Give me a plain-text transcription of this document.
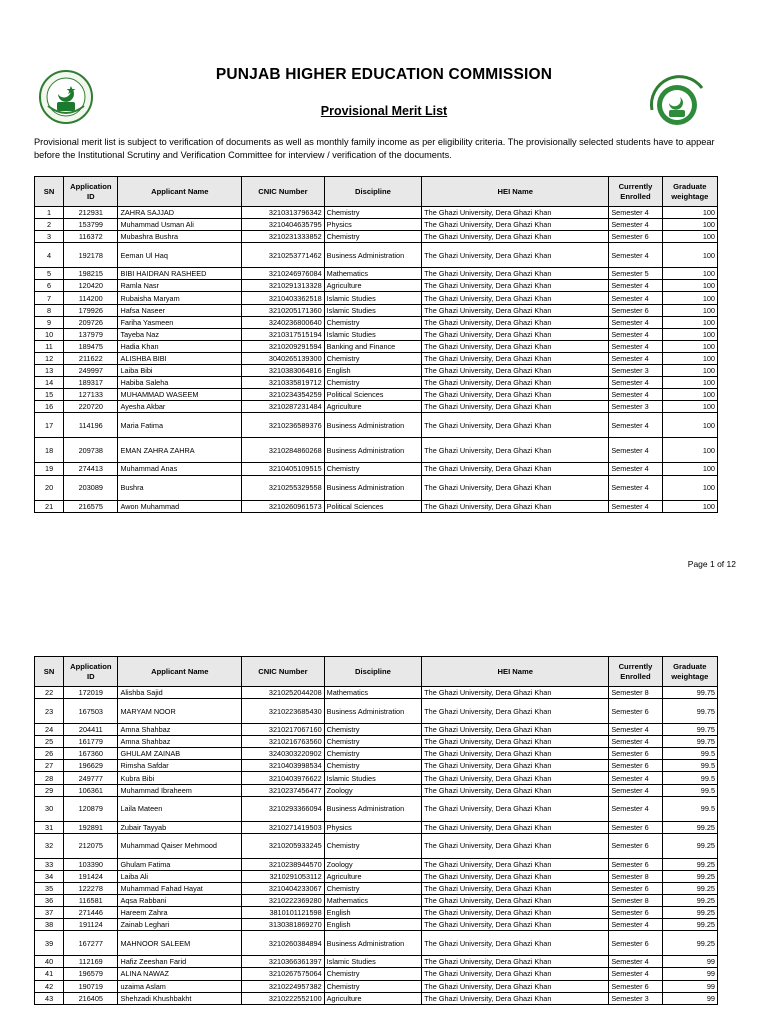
PUNJAB HIGHER EDUCATION COMMISSION
Provisional Merit List
Provisional merit list is subject to verification of documents as well as monthly family income as per eligibility criteria. The provisionally selected students have to appear before the Institutional Scrutiny and Verification Committee for interview / verification of the documents.
SN	Application ID	Applicant Name	CNIC Number	Discipline	HEI Name	Currently Enrolled	Graduate weightage
1	212931	ZAHRA SAJJAD	3210313796342	Chemistry	The Ghazi University, Dera Ghazi Khan	Semester 4	100
2	153799	Muhammad Usman Ali	3210404635795	Physics	The Ghazi University, Dera Ghazi Khan	Semester 4	100
3	116372	Mubashra Bushra	3210231333852	Chemistry	The Ghazi University, Dera Ghazi Khan	Semester 6	100
4	192178	Eeman Ul Haq	3210253771462	Business Administration	The Ghazi University, Dera Ghazi Khan	Semester 4	100
5	198215	BIBI HAIDRAN RASHEED	3210246976084	Mathematics	The Ghazi University, Dera Ghazi Khan	Semester 5	100
6	120420	Ramla Nasr	3210291313328	Agriculture	The Ghazi University, Dera Ghazi Khan	Semester 4	100
7	114200	Rubaisha Maryam	3210403362518	Islamic Studies	The Ghazi University, Dera Ghazi Khan	Semester 4	100
8	179926	Hafsa Naseer	3210205171360	Islamic Studies	The Ghazi University, Dera Ghazi Khan	Semester 6	100
9	209726	Fariha Yasmeen	3240236800640	Chemistry	The Ghazi University, Dera Ghazi Khan	Semester 4	100
10	137979	Tayeba Naz	3210317515194	Islamic Studies	The Ghazi University, Dera Ghazi Khan	Semester 4	100
11	189475	Hadia Khan	3210209291594	Banking and Finance	The Ghazi University, Dera Ghazi Khan	Semester 4	100
12	211622	ALISHBA BIBI	3040265139300	Chemistry	The Ghazi University, Dera Ghazi Khan	Semester 4	100
13	249997	Laiba Bibi	3210383064816	English	The Ghazi University, Dera Ghazi Khan	Semester 3	100
14	189317	Habiba Saleha	3210335819712	Chemistry	The Ghazi University, Dera Ghazi Khan	Semester 4	100
15	127133	MUHAMMAD WASEEM	3210234354259	Political Sciences	The Ghazi University, Dera Ghazi Khan	Semester 4	100
16	220720	Ayesha Akbar	3210287231484	Agriculture	The Ghazi University, Dera Ghazi Khan	Semester 3	100
17	114196	Maria Fatima	3210236589376	Business Administration	The Ghazi University, Dera Ghazi Khan	Semester 4	100
18	209738	EMAN ZAHRA ZAHRA	3210284860268	Business Administration	The Ghazi University, Dera Ghazi Khan	Semester 4	100
19	274413	Muhammad Anas	3210405109515	Chemistry	The Ghazi University, Dera Ghazi Khan	Semester 4	100
20	203089	Bushra	3210255329558	Business Administration	The Ghazi University, Dera Ghazi Khan	Semester 4	100
21	216575	Awon Muhammad	3210260961573	Political Sciences	The Ghazi University, Dera Ghazi Khan	Semester 4	100
Page 1 of 12
SN	Application ID	Applicant Name	CNIC Number	Discipline	HEI Name	Currently Enrolled	Graduate weightage
22	172019	Alishba Sajid	3210252044208	Mathematics	The Ghazi University, Dera Ghazi Khan	Semester 8	99.75
23	167503	MARYAM NOOR	3210223685430	Business Administration	The Ghazi University, Dera Ghazi Khan	Semester 6	99.75
24	204411	Amna Shahbaz	3210217067160	Chemistry	The Ghazi University, Dera Ghazi Khan	Semester 4	99.75
25	161779	Amna Shahbaz	3210216763560	Chemistry	The Ghazi University, Dera Ghazi Khan	Semester 4	99.75
26	167360	GHULAM ZAINAB	3240303220902	Chemistry	The Ghazi University, Dera Ghazi Khan	Semester 6	99.5
27	196629	Rimsha Safdar	3210403998534	Chemistry	The Ghazi University, Dera Ghazi Khan	Semester 6	99.5
28	249777	Kubra Bibi	3210403976622	Islamic Studies	The Ghazi University, Dera Ghazi Khan	Semester 4	99.5
29	106361	Muhammad Ibraheem	3210237456477	Zoology	The Ghazi University, Dera Ghazi Khan	Semester 4	99.5
30	120879	Laila Mateen	3210293366094	Business Administration	The Ghazi University, Dera Ghazi Khan	Semester 4	99.5
31	192891	Zubair Tayyab	3210271419503	Physics	The Ghazi University, Dera Ghazi Khan	Semester 6	99.25
32	212075	Muhammad Qaiser Mehmood	3210205933245	Chemistry	The Ghazi University, Dera Ghazi Khan	Semester 6	99.25
33	103390	Ghulam Fatima	3210238944570	Zoology	The Ghazi University, Dera Ghazi Khan	Semester 6	99.25
34	191424	Laiba Ali	3210291053112	Agriculture	The Ghazi University, Dera Ghazi Khan	Semester 8	99.25
35	122278	Muhammad Fahad Hayat	3210404233067	Chemistry	The Ghazi University, Dera Ghazi Khan	Semester 6	99.25
36	116581	Aqsa Rabbani	3210222369280	Mathematics	The Ghazi University, Dera Ghazi Khan	Semester 8	99.25
37	271446	Hareem Zahra	3810101121598	English	The Ghazi University, Dera Ghazi Khan	Semester 6	99.25
38	191124	Zainab Leghari	3130381869270	English	The Ghazi University, Dera Ghazi Khan	Semester 4	99.25
39	167277	MAHNOOR SALEEM	3210260384894	Business Administration	The Ghazi University, Dera Ghazi Khan	Semester 6	99.25
40	112169	Hafiz Zeeshan Farid	3210366361397	Islamic Studies	The Ghazi University, Dera Ghazi Khan	Semester 4	99
41	196579	ALINA NAWAZ	3210267575064	Chemistry	The Ghazi University, Dera Ghazi Khan	Semester 4	99
42	190719	uzaima Aslam	3210224957382	Chemistry	The Ghazi University, Dera Ghazi Khan	Semester 6	99
43	216405	Shehzadi Khushbakht	3210222552100	Agriculture	The Ghazi University, Dera Ghazi Khan	Semester 3	99
